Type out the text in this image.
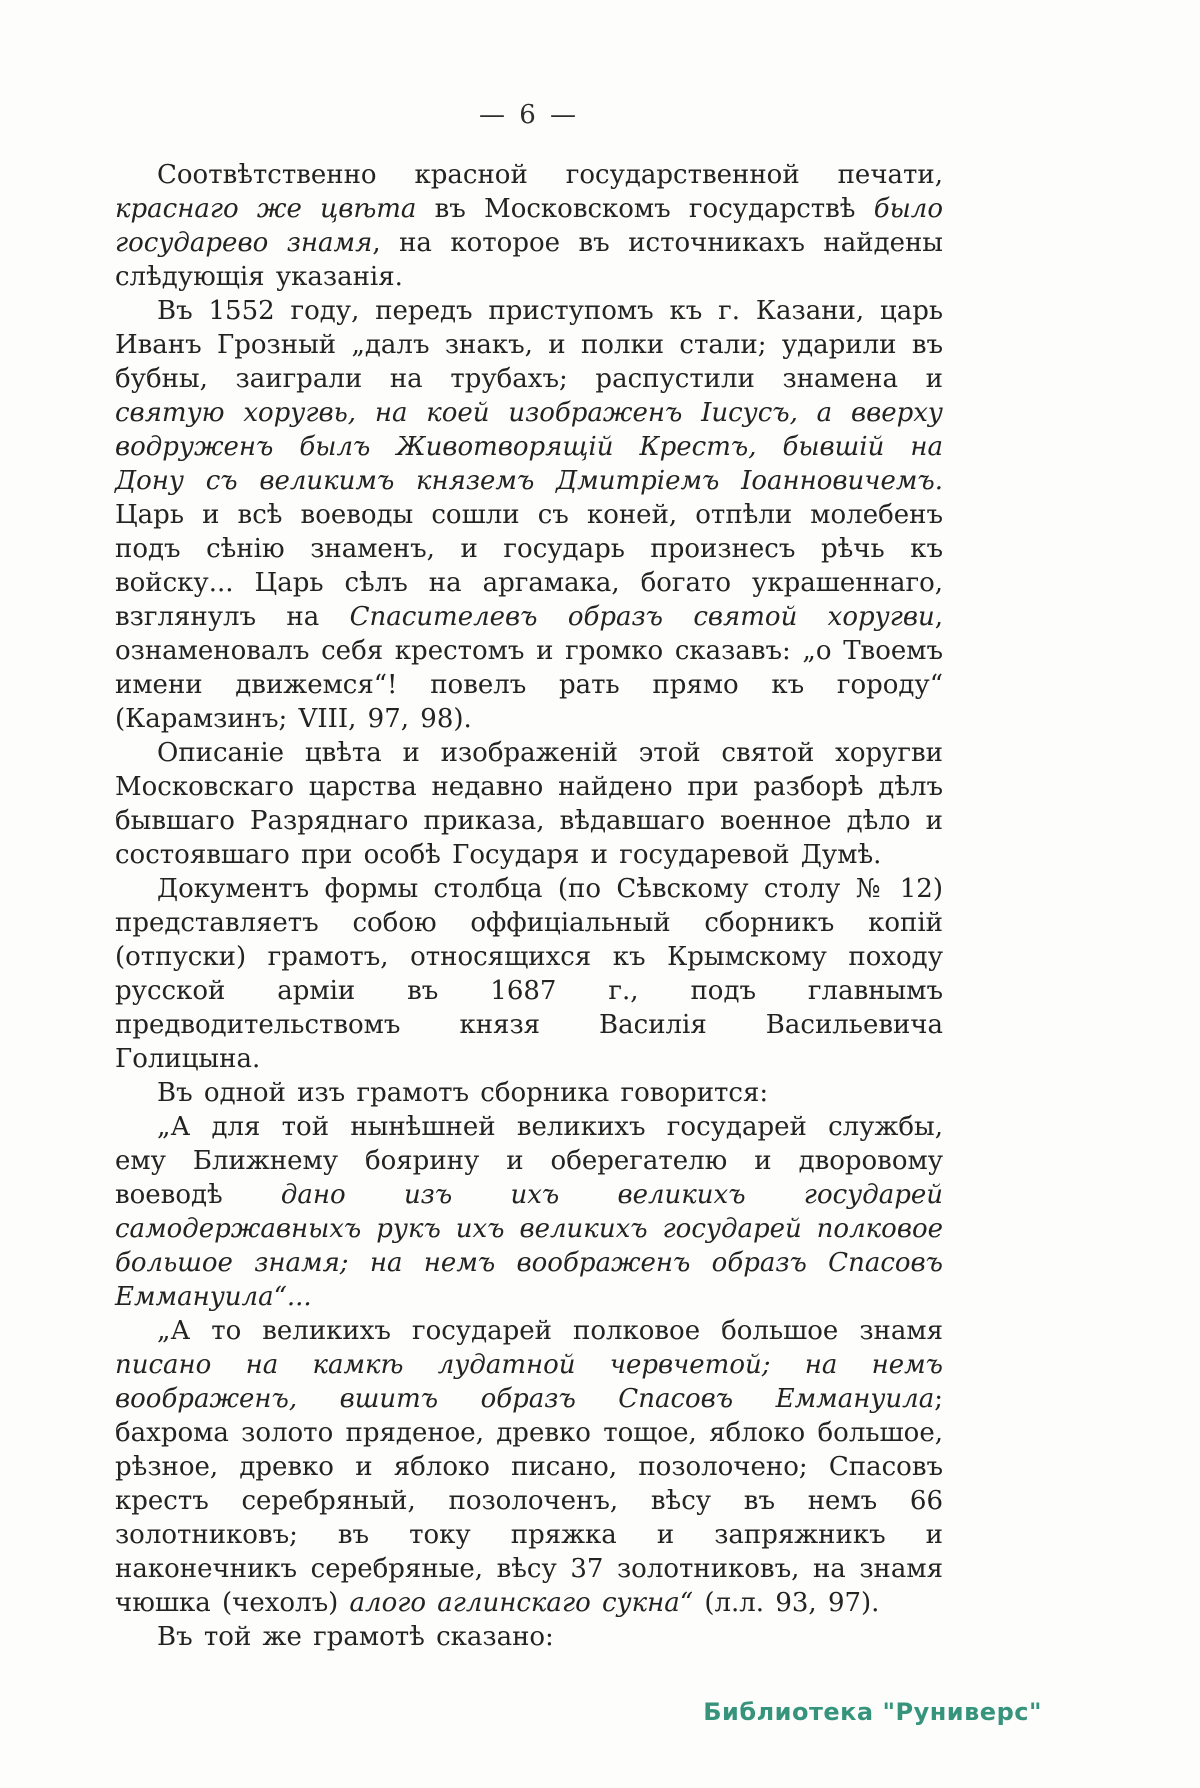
— 6 —

Соотвѣтственно красной государственной печати, краснаго же цвѣта въ Московскомъ государствѣ было государево знамя, на которое въ источникахъ найдены слѣдующія указанія.

Въ 1552 году, передъ приступомъ къ г. Казани, царь Иванъ Грозный „далъ знакъ, и полки стали; ударили въ бубны, заиграли на трубахъ; распустили знамена и святую хоругвь, на коей изображенъ Іисусъ, а вверху водруженъ былъ Животворящій Крестъ, бывшій на Дону съ великимъ княземъ Дмитріемъ Іоанновичемъ. Царь и всѣ воеводы сошли съ коней, отпѣли молебенъ подъ сѣнію знаменъ, и государь произнесъ рѣчь къ войску... Царь сѣлъ на аргамака, богато украшеннаго, взглянулъ на Спасителевъ образъ святой хоругви, ознаменовалъ себя крестомъ и громко сказавъ: „о Твоемъ имени движемся“! повелъ рать прямо къ городу“ (Карамзинъ; VIII, 97, 98).

Описаніе цвѣта и изображеній этой святой хоругви Московскаго царства недавно найдено при разборѣ дѣлъ бывшаго Разряднаго приказа, вѣдавшаго военное дѣло и состоявшаго при особѣ Государя и государевой Думѣ.

Документъ формы столбца (по Сѣвскому столу № 12) представляетъ собою оффиціальный сборникъ копій (отпуски) грамотъ, относящихся къ Крымскому походу русской арміи въ 1687 г., подъ главнымъ предводительствомъ князя Василія Васильевича Голицына.

Въ одной изъ грамотъ сборника говорится:

„А для той нынѣшней великихъ государей службы, ему Ближнему боярину и оберегателю и дворовому воеводѣ дано изъ ихъ великихъ государей самодержавныхъ рукъ ихъ великихъ государей полковое большое знамя; на немъ воображенъ образъ Спасовъ Еммануила“...

„А то великихъ государей полковое большое знамя писано на камкѣ лудатной червчетой; на немъ воображенъ, вшитъ образъ Спасовъ Еммануила; бахрома золото пряденое, древко тощое, яблоко большое, рѣзное, древко и яблоко писано, позолочено; Спасовъ крестъ серебряный, позолоченъ, вѣсу въ немъ 66 золотниковъ; въ току пряжка и запряжникъ и наконечникъ серебряные, вѣсу 37 золотниковъ, на знамя чюшка (чехолъ) алого аглинскаго сукна“ (л.л. 93, 97).

Въ той же грамотѣ сказано:

Библиотека "Руниверс"
